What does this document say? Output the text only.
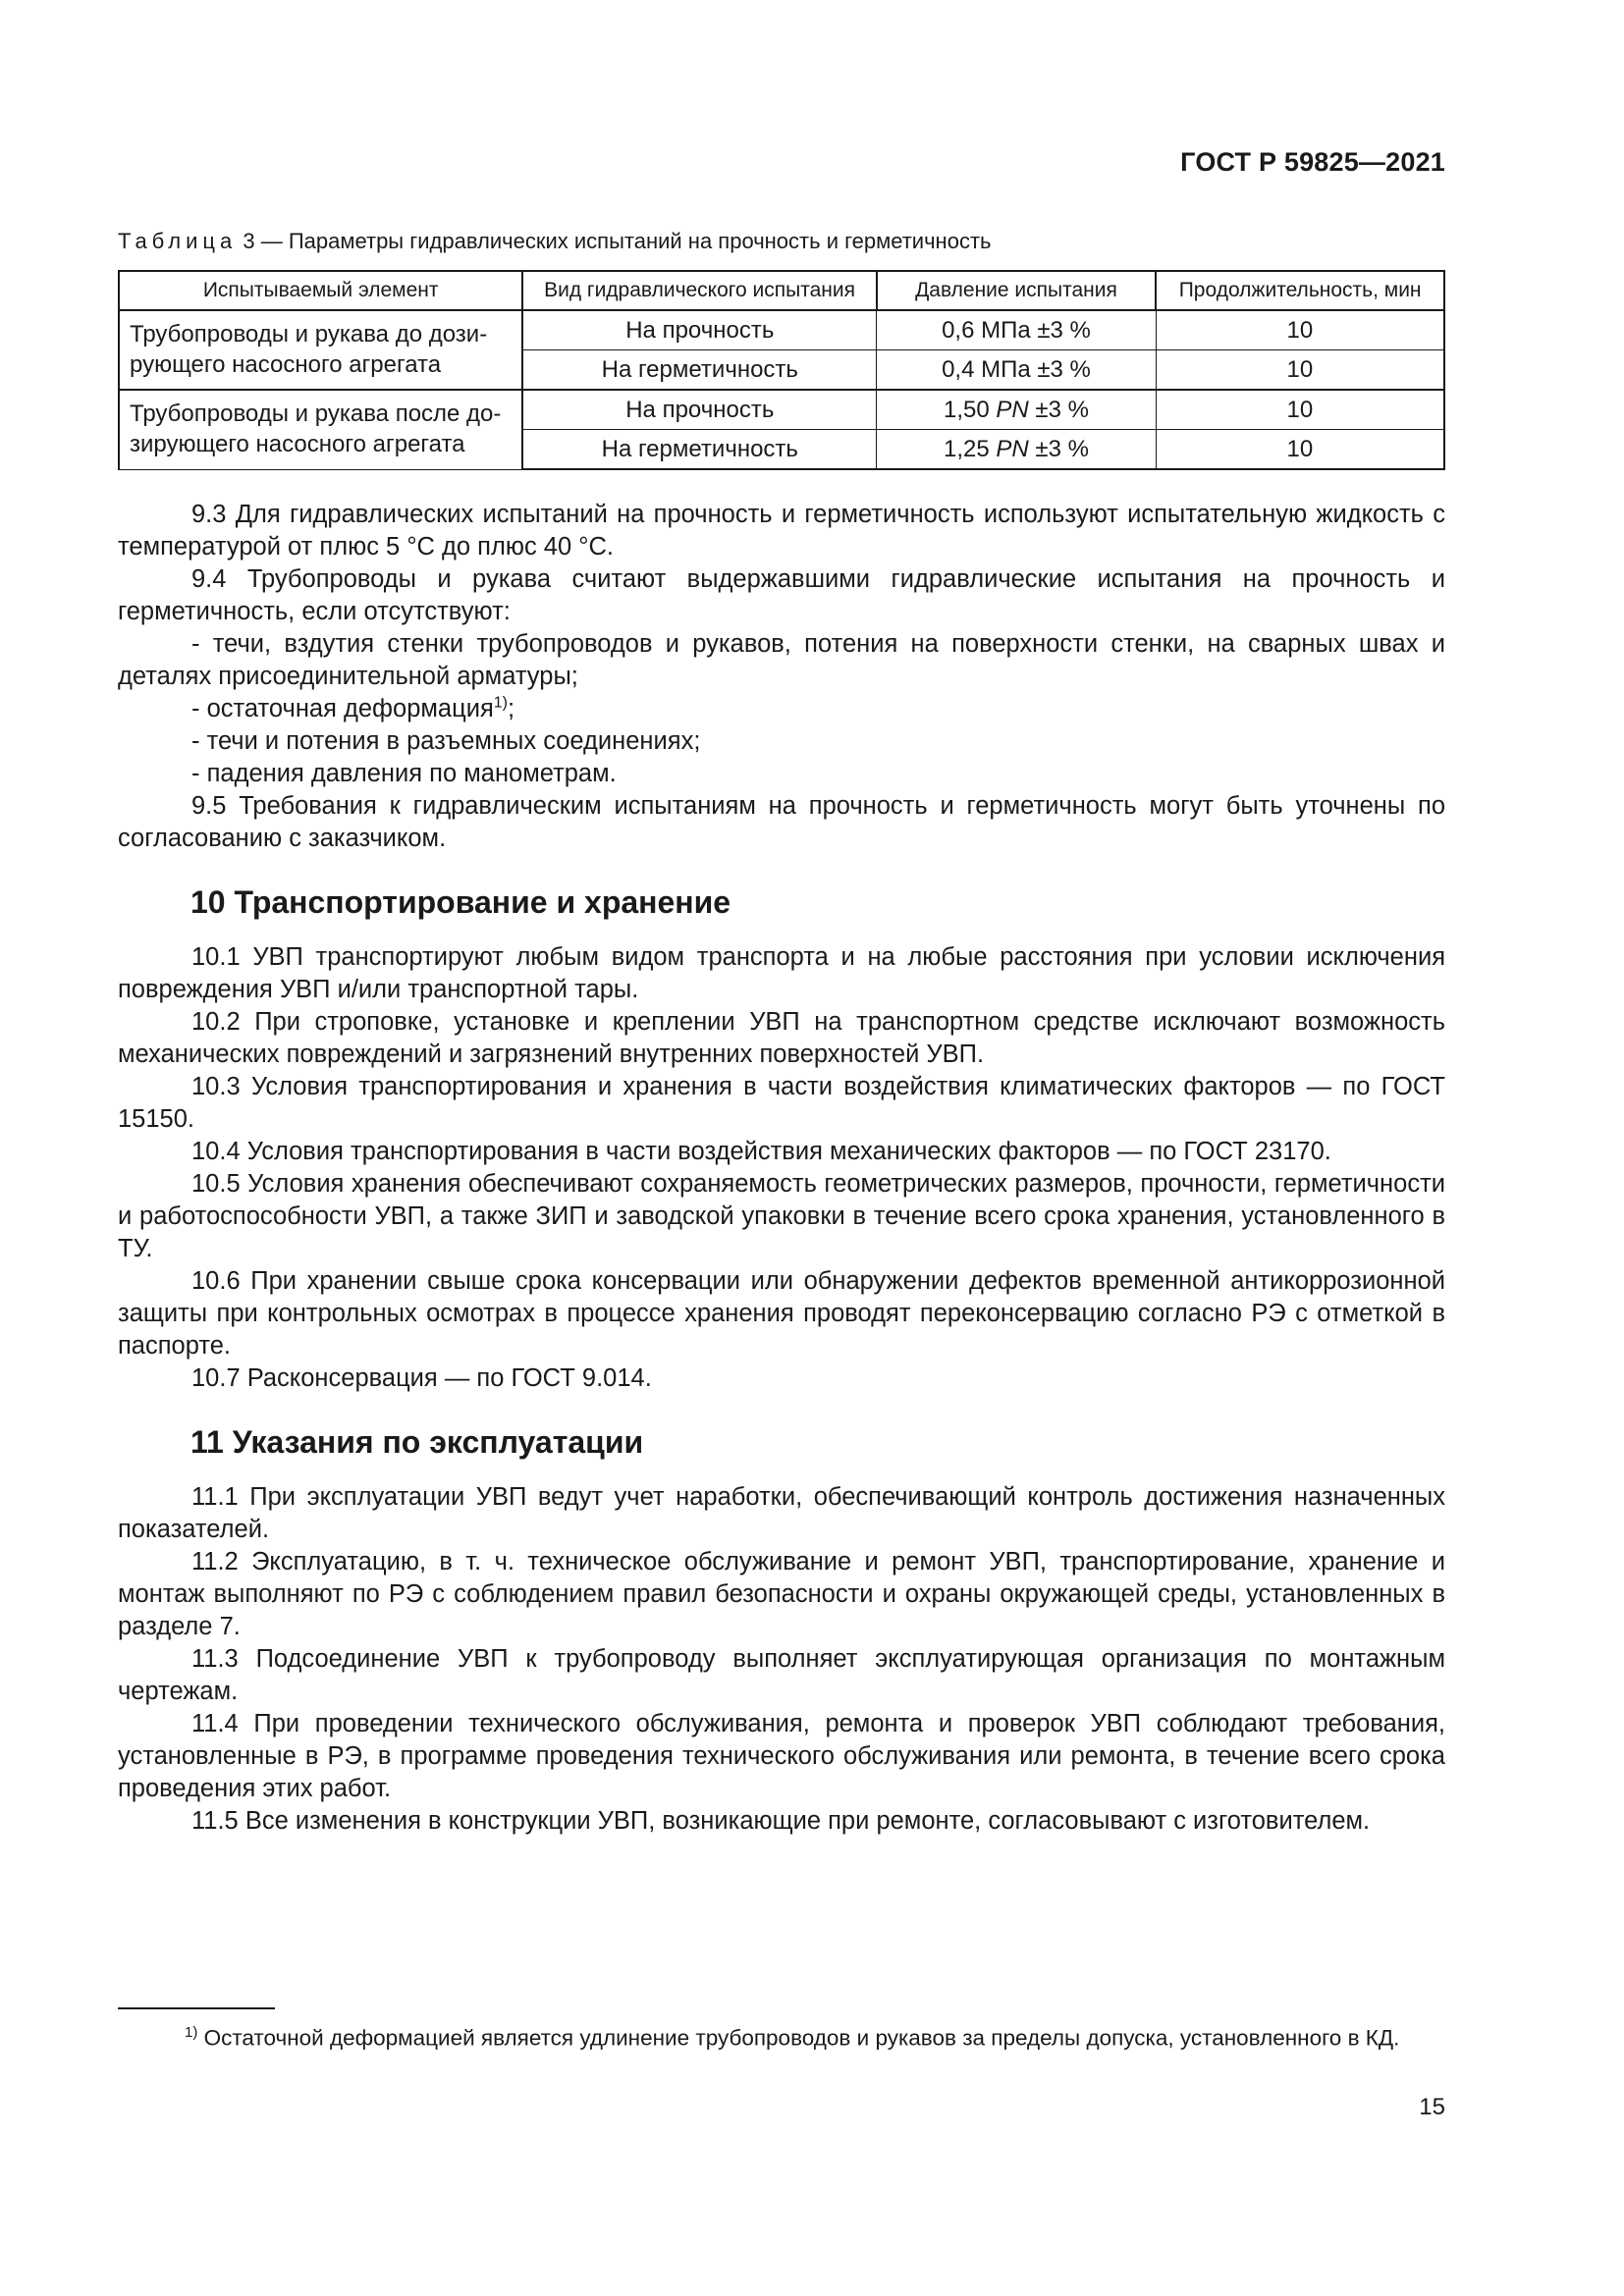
ГОСТ Р 59825—2021
Таблица 3 — Параметры гидравлических испытаний на прочность и герметичность
Испытываемый элемент	Вид гидравлического испытания	Давление испытания	Продолжительность, мин
Трубопроводы и рукава до дози-рующего насосного агрегата	На прочность	0,6 МПа ±3 %	10
	На герметичность	0,4 МПа ±3 %	10
Трубопроводы и рукава после до-зирующего насосного агрегата	На прочность	1,50 PN ±3 %	10
	На герметичность	1,25 PN ±3 %	10

9.3 Для гидравлических испытаний на прочность и герметичность используют испытательную жидкость с температурой от плюс 5 °С до плюс 40 °С.

9.4 Трубопроводы и рукава считают выдержавшими гидравлические испытания на прочность и герметичность, если отсутствуют:

- течи, вздутия стенки трубопроводов и рукавов, потения на поверхности стенки, на сварных швах и деталях присоединительной арматуры;

- остаточная деформация$^{1)}$;

- течи и потения в разъемных соединениях;

- падения давления по манометрам.

9.5 Требования к гидравлическим испытаниям на прочность и герметичность могут быть уточнены по согласованию с заказчиком.

10 Транспортирование и хранение

10.1 УВП транспортируют любым видом транспорта и на любые расстояния при условии исключения повреждения УВП и/или транспортной тары.

10.2 При строповке, установке и креплении УВП на транспортном средстве исключают возможность механических повреждений и загрязнений внутренних поверхностей УВП.

10.3 Условия транспортирования и хранения в части воздействия климатических факторов — по ГОСТ 15150.

10.4 Условия транспортирования в части воздействия механических факторов — по ГОСТ 23170.

10.5 Условия хранения обеспечивают сохраняемость геометрических размеров, прочности, герметичности и работоспособности УВП, а также ЗИП и заводской упаковки в течение всего срока хранения, установленного в ТУ.

10.6 При хранении свыше срока консервации или обнаружении дефектов временной антикоррозионной защиты при контрольных осмотрах в процессе хранения проводят переконсервацию согласно РЭ с отметкой в паспорте.

10.7 Расконсервация — по ГОСТ 9.014.

11 Указания по эксплуатации

11.1 При эксплуатации УВП ведут учет наработки, обеспечивающий контроль достижения назначенных показателей.

11.2 Эксплуатацию, в т. ч. техническое обслуживание и ремонт УВП, транспортирование, хранение и монтаж выполняют по РЭ с соблюдением правил безопасности и охраны окружающей среды, установленных в разделе 7.

11.3 Подсоединение УВП к трубопроводу выполняет эксплуатирующая организация по монтажным чертежам.

11.4 При проведении технического обслуживания, ремонта и проверок УВП соблюдают требования, установленные в РЭ, в программе проведения технического обслуживания или ремонта, в течение всего срока проведения этих работ.

11.5 Все изменения в конструкции УВП, возникающие при ремонте, согласовывают с изготовителем.

$^{1)}$ Остаточной деформацией является удлинение трубопроводов и рукавов за пределы допуска, установленного в КД.
15
